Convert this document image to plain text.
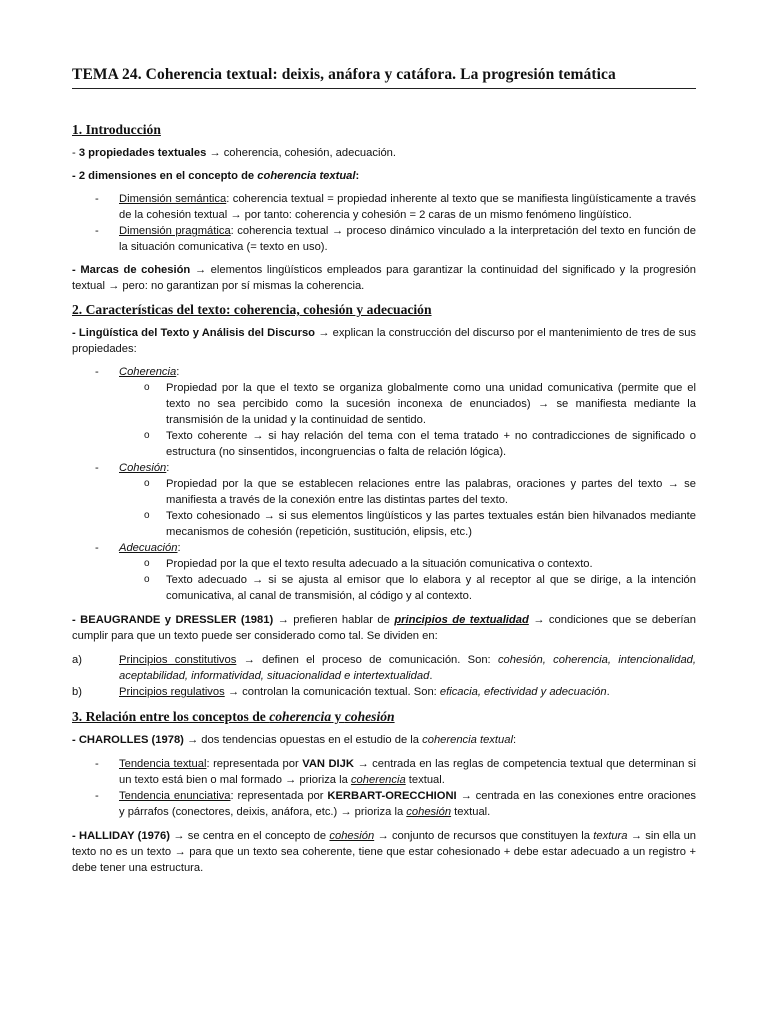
TEMA 24. Coherencia textual: deixis, anáfora y catáfora. La progresión temática
1. Introducción

- 3 propiedades textuales → coherencia, cohesión, adecuación.

- 2 dimensiones en el concepto de coherencia textual:

- Dimensión semántica: coherencia textual = propiedad inherente al texto que se manifiesta lingüísticamente a través de la cohesión textual → por tanto: coherencia y cohesión = 2 caras de un mismo fenómeno lingüístico.
- Dimensión pragmática: coherencia textual → proceso dinámico vinculado a la interpretación del texto en función de la situación comunicativa (= texto en uso).

- Marcas de cohesión → elementos lingüísticos empleados para garantizar la continuidad del significado y la progresión textual → pero: no garantizan por sí mismas la coherencia.

2. Características del texto: coherencia, cohesión y adecuación

- Lingüística del Texto y Análisis del Discurso → explican la construcción del discurso por el mantenimiento de tres de sus propiedades:

- Coherencia:
o Propiedad por la que el texto se organiza globalmente como una unidad comunicativa (permite que el texto no sea percibido como la sucesión inconexa de enunciados) → se manifiesta mediante la transmisión de la unidad y la continuidad de sentido.
o Texto coherente → si hay relación del tema con el tema tratado + no contradicciones de significado o estructura (no sinsentidos, incongruencias o falta de relación lógica).
- Cohesión:
o Propiedad por la que se establecen relaciones entre las palabras, oraciones y partes del texto → se manifiesta a través de la conexión entre las distintas partes del texto.
o Texto cohesionado → si sus elementos lingüísticos y las partes textuales están bien hilvanados mediante mecanismos de cohesión (repetición, sustitución, elipsis, etc.)
- Adecuación:
o Propiedad por la que el texto resulta adecuado a la situación comunicativa o contexto.
o Texto adecuado → si se ajusta al emisor que lo elabora y al receptor al que se dirige, a la intención comunicativa, al canal de transmisión, al código y al contexto.

- BEAUGRANDE y DRESSLER (1981) → prefieren hablar de principios de textualidad → condiciones que se deberían cumplir para que un texto puede ser considerado como tal. Se dividen en:

a)	Principios constitutivos → definen el proceso de comunicación. Son: cohesión, coherencia, intencionalidad, aceptabilidad, informatividad, situacionalidad e intertextualidad.
b)	Principios regulativos → controlan la comunicación textual. Son: eficacia, efectividad y adecuación.
3. Relación entre los conceptos de coherencia y cohesión

- CHAROLLES (1978) → dos tendencias opuestas en el estudio de la coherencia textual:

- Tendencia textual: representada por VAN DIJK → centrada en las reglas de competencia textual que determinan si un texto está bien o mal formado → prioriza la coherencia textual.
- Tendencia enunciativa: representada por KERBART-ORECCHIONI → centrada en las conexiones entre oraciones y párrafos (conectores, deixis, anáfora, etc.) → prioriza la cohesión textual.

- HALLIDAY (1976) → se centra en el concepto de cohesión → conjunto de recursos que constituyen la textura → sin ella un texto no es un texto → para que un texto sea coherente, tiene que estar cohesionado + debe estar adecuado a un registro + debe tener una estructura.
